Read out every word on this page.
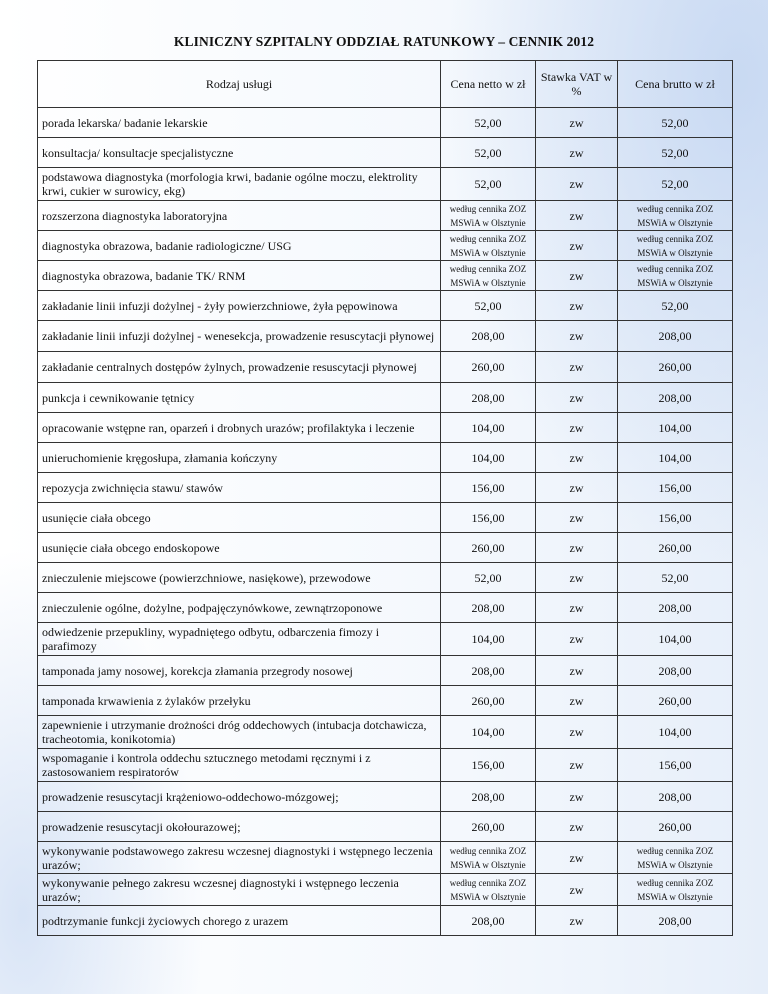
KLINICZNY SZPITALNY ODDZIAŁ RATUNKOWY – CENNIK 2012
Rodzaj usługi	Cena netto w zł	Stawka VAT w %	Cena brutto w zł
porada lekarska/ badanie lekarskie	52,00	zw	52,00
konsultacja/ konsultacje specjalistyczne	52,00	zw	52,00
podstawowa diagnostyka (morfologia krwi, badanie ogólne moczu, elektrolity krwi, cukier w surowicy, ekg)	52,00	zw	52,00
rozszerzona diagnostyka laboratoryjna	według cennika ZOZ MSWiA w Olsztynie	zw	według cennika ZOZ MSWiA w Olsztynie
diagnostyka obrazowa, badanie radiologiczne/ USG	według cennika ZOZ MSWiA w Olsztynie	zw	według cennika ZOZ MSWiA w Olsztynie
diagnostyka obrazowa, badanie TK/ RNM	według cennika ZOZ MSWiA w Olsztynie	zw	według cennika ZOZ MSWiA w Olsztynie
zakładanie linii infuzji dożylnej - żyły powierzchniowe, żyła pępowinowa	52,00	zw	52,00
zakładanie linii infuzji dożylnej - wenesekcja, prowadzenie resuscytacji płynowej	208,00	zw	208,00
zakładanie centralnych dostępów żylnych, prowadzenie resuscytacji płynowej	260,00	zw	260,00
punkcja i cewnikowanie tętnicy	208,00	zw	208,00
opracowanie wstępne ran, oparzeń i drobnych urazów; profilaktyka i leczenie	104,00	zw	104,00
unieruchomienie kręgosłupa, złamania kończyny	104,00	zw	104,00
repozycja zwichnięcia stawu/ stawów	156,00	zw	156,00
usunięcie ciała obcego	156,00	zw	156,00
usunięcie ciała obcego endoskopowe	260,00	zw	260,00
znieczulenie miejscowe (powierzchniowe, nasiękowe), przewodowe	52,00	zw	52,00
znieczulenie ogólne, dożylne, podpajęczynówkowe, zewnątrzoponowe	208,00	zw	208,00
odwiedzenie przepukliny, wypadniętego odbytu, odbarczenia fimozy i parafimozy	104,00	zw	104,00
tamponada jamy nosowej, korekcja złamania przegrody nosowej	208,00	zw	208,00
tamponada krwawienia z żylaków przełyku	260,00	zw	260,00
zapewnienie i utrzymanie drożności dróg oddechowych (intubacja dotchawicza, tracheotomia, konikotomia)	104,00	zw	104,00
wspomaganie i kontrola oddechu sztucznego metodami ręcznymi i z zastosowaniem respiratorów	156,00	zw	156,00
prowadzenie resuscytacji krążeniowo-oddechowo-mózgowej;	208,00	zw	208,00
prowadzenie resuscytacji okołourazowej;	260,00	zw	260,00
wykonywanie podstawowego zakresu wczesnej diagnostyki i wstępnego leczenia urazów;	według cennika ZOZ MSWiA w Olsztynie	zw	według cennika ZOZ MSWiA w Olsztynie
wykonywanie pełnego zakresu wczesnej diagnostyki i wstępnego leczenia urazów;	według cennika ZOZ MSWiA w Olsztynie	zw	według cennika ZOZ MSWiA w Olsztynie
podtrzymanie funkcji życiowych chorego z urazem	208,00	zw	208,00
